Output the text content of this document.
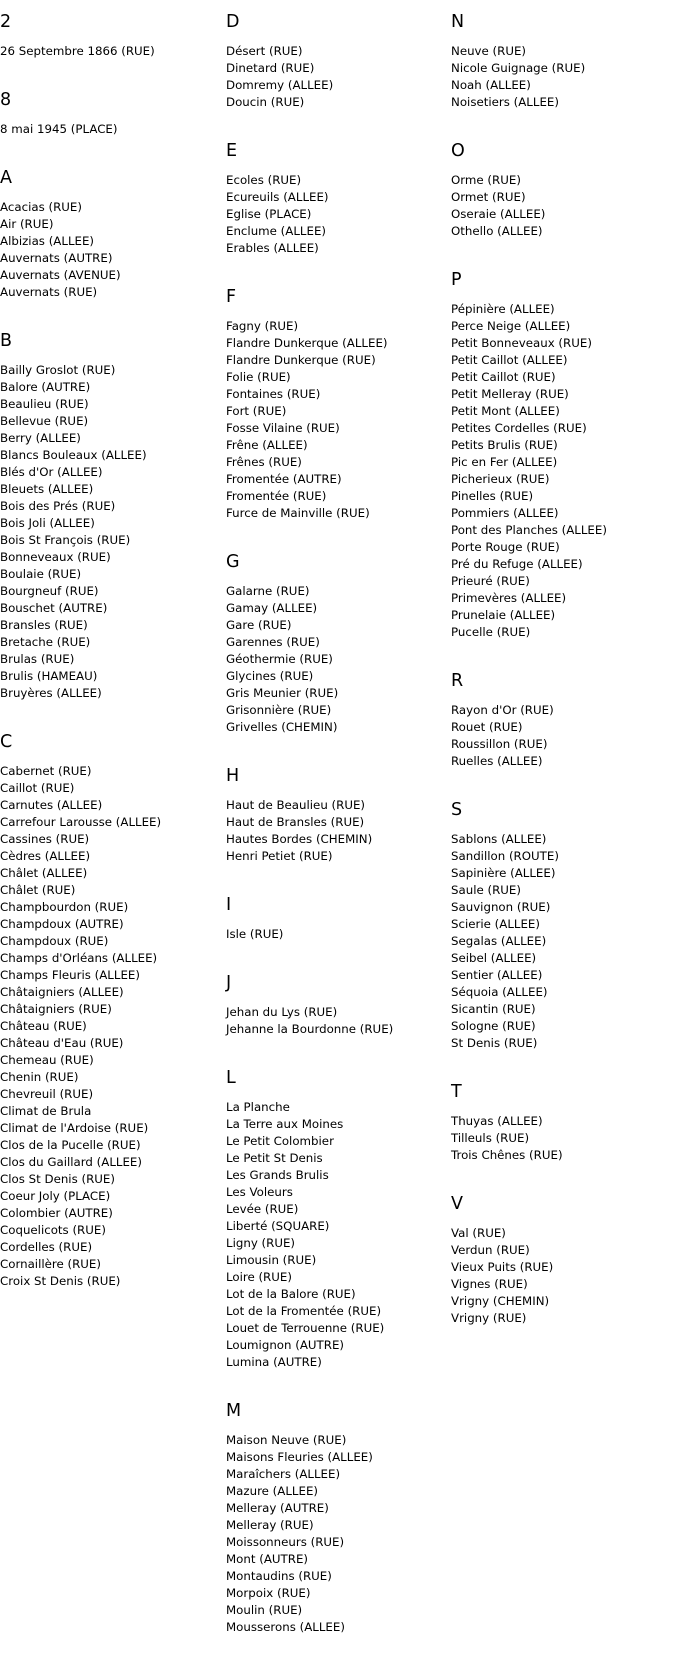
2
26 Septembre 1866 (RUE)
8
8 mai 1945 (PLACE)
A
Acacias (RUE)
Air (RUE)
Albizias (ALLEE)
Auvernats (AUTRE)
Auvernats (AVENUE)
Auvernats (RUE)
B
Bailly Groslot (RUE)
Balore (AUTRE)
Beaulieu (RUE)
Bellevue (RUE)
Berry (ALLEE)
Blancs Bouleaux (ALLEE)
Blés d'Or (ALLEE)
Bleuets (ALLEE)
Bois des Prés (RUE)
Bois Joli (ALLEE)
Bois St François (RUE)
Bonneveaux (RUE)
Boulaie (RUE)
Bourgneuf (RUE)
Bouschet (AUTRE)
Bransles (RUE)
Bretache (RUE)
Brulas (RUE)
Brulis (HAMEAU)
Bruyères (ALLEE)
C
Cabernet (RUE)
Caillot (RUE)
Carnutes (ALLEE)
Carrefour Larousse (ALLEE)
Cassines (RUE)
Cèdres (ALLEE)
Châlet (ALLEE)
Châlet (RUE)
Champbourdon (RUE)
Champdoux (AUTRE)
Champdoux (RUE)
Champs d'Orléans (ALLEE)
Champs Fleuris (ALLEE)
Châtaigniers (ALLEE)
Châtaigniers (RUE)
Château (RUE)
Château d'Eau (RUE)
Chemeau (RUE)
Chenin (RUE)
Chevreuil (RUE)
Climat de Brula
Climat de l'Ardoise (RUE)
Clos de la Pucelle (RUE)
Clos du Gaillard (ALLEE)
Clos St Denis (RUE)
Coeur Joly (PLACE)
Colombier (AUTRE)
Coquelicots (RUE)
Cordelles (RUE)
Cornaillère (RUE)
Croix St Denis (RUE)
D
Désert (RUE)
Dinetard (RUE)
Domremy (ALLEE)
Doucin (RUE)
E
Ecoles (RUE)
Ecureuils (ALLEE)
Eglise (PLACE)
Enclume (ALLEE)
Erables (ALLEE)
F
Fagny (RUE)
Flandre Dunkerque (ALLEE)
Flandre Dunkerque (RUE)
Folie (RUE)
Fontaines (RUE)
Fort (RUE)
Fosse Vilaine (RUE)
Frêne (ALLEE)
Frênes (RUE)
Fromentée (AUTRE)
Fromentée (RUE)
Furce de Mainville (RUE)
G
Galarne (RUE)
Gamay (ALLEE)
Gare (RUE)
Garennes (RUE)
Géothermie (RUE)
Glycines (RUE)
Gris Meunier (RUE)
Grisonnière (RUE)
Grivelles (CHEMIN)
H
Haut de Beaulieu (RUE)
Haut de Bransles (RUE)
Hautes Bordes (CHEMIN)
Henri Petiet (RUE)
I
Isle (RUE)
J
Jehan du Lys (RUE)
Jehanne la Bourdonne (RUE)
L
La Planche
La Terre aux Moines
Le Petit Colombier
Le Petit St Denis
Les Grands Brulis
Les Voleurs
Levée (RUE)
Liberté (SQUARE)
Ligny (RUE)
Limousin (RUE)
Loire (RUE)
Lot de la Balore (RUE)
Lot de la Fromentée (RUE)
Louet de Terrouenne (RUE)
Loumignon (AUTRE)
Lumina (AUTRE)
M
Maison Neuve (RUE)
Maisons Fleuries (ALLEE)
Maraîchers (ALLEE)
Mazure (ALLEE)
Melleray (AUTRE)
Melleray (RUE)
Moissonneurs (RUE)
Mont (AUTRE)
Montaudins (RUE)
Morpoix (RUE)
Moulin (RUE)
Mousserons (ALLEE)
N
Neuve (RUE)
Nicole Guignage (RUE)
Noah (ALLEE)
Noisetiers (ALLEE)
O
Orme (RUE)
Ormet (RUE)
Oseraie (ALLEE)
Othello (ALLEE)
P
Pépinière (ALLEE)
Perce Neige (ALLEE)
Petit Bonneveaux (RUE)
Petit Caillot (ALLEE)
Petit Caillot (RUE)
Petit Melleray (RUE)
Petit Mont (ALLEE)
Petites Cordelles (RUE)
Petits Brulis (RUE)
Pic en Fer (ALLEE)
Picherieux (RUE)
Pinelles (RUE)
Pommiers (ALLEE)
Pont des Planches (ALLEE)
Porte Rouge (RUE)
Pré du Refuge (ALLEE)
Prieuré (RUE)
Primevères (ALLEE)
Prunelaie (ALLEE)
Pucelle (RUE)
R
Rayon d'Or (RUE)
Rouet (RUE)
Roussillon (RUE)
Ruelles (ALLEE)
S
Sablons (ALLEE)
Sandillon (ROUTE)
Sapinière (ALLEE)
Saule (RUE)
Sauvignon (RUE)
Scierie (ALLEE)
Segalas (ALLEE)
Seibel (ALLEE)
Sentier (ALLEE)
Séquoia (ALLEE)
Sicantin (RUE)
Sologne (RUE)
St Denis (RUE)
T
Thuyas (ALLEE)
Tilleuls (RUE)
Trois Chênes (RUE)
V
Val (RUE)
Verdun (RUE)
Vieux Puits (RUE)
Vignes (RUE)
Vrigny (CHEMIN)
Vrigny (RUE)
